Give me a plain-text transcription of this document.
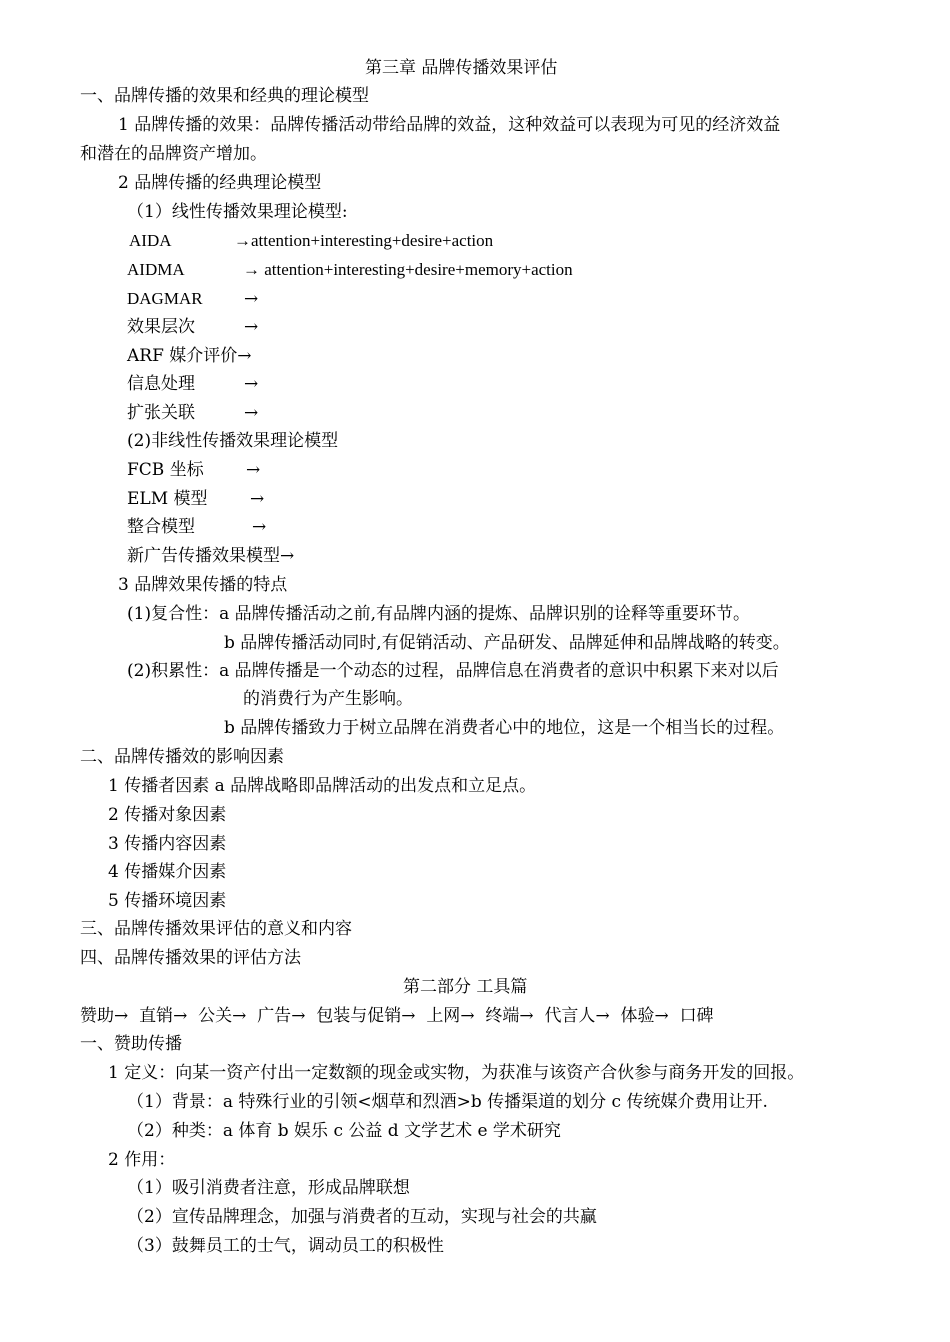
第三章 品牌传播效果评估
一、品牌传播的效果和经典的理论模型
1 品牌传播的效果：品牌传播活动带给品牌的效益，这种效益可以表现为可见的经济效益
和潜在的品牌资产增加。
2 品牌传播的经典理论模型
（1）线性传播效果理论模型:
AIDA	→attention+interesting+desire+action
AIDMA	→ attention+interesting+desire+memory+action
DAGMAR →
效果层次	→
ARF 媒介评价→
信息处理	→
扩张关联	→
(2)非线性传播效果理论模型
FCB 坐标 →
ELM 模型 →
整合模型	→
新广告传播效果模型→
3 品牌效果传播的特点
(1)复合性：a 品牌传播活动之前,有品牌内涵的提炼、品牌识别的诠释等重要环节。
b 品牌传播活动同时,有促销活动、产品研发、品牌延伸和品牌战略的转变。
(2)积累性：a 品牌传播是一个动态的过程，品牌信息在消费者的意识中积累下来对以后
的消费行为产生影响。
b 品牌传播致力于树立品牌在消费者心中的地位，这是一个相当长的过程。
二、品牌传播效的影响因素
1 传播者因素 a 品牌战略即品牌活动的出发点和立足点。
2 传播对象因素
3 传播内容因素
4 传播媒介因素
5 传播环境因素
三、品牌传播效果评估的意义和内容
四、品牌传播效果的评估方法
第二部分 工具篇
赞助→ 直销→ 公关→ 广告→ 包装与促销→ 上网→ 终端→ 代言人→ 体验→ 口碑
一、赞助传播
1 定义：向某一资产付出一定数额的现金或实物，为获准与该资产合伙参与商务开发的回报。
（1）背景：a 特殊行业的引领<烟草和烈酒>b 传播渠道的划分 c 传统媒介费用让开.
（2）种类：a 体育 b 娱乐 c 公益 d 文学艺术 e 学术研究
2 作用：
（1）吸引消费者注意，形成品牌联想
（2）宣传品牌理念，加强与消费者的互动，实现与社会的共赢
（3）鼓舞员工的士气，调动员工的积极性
